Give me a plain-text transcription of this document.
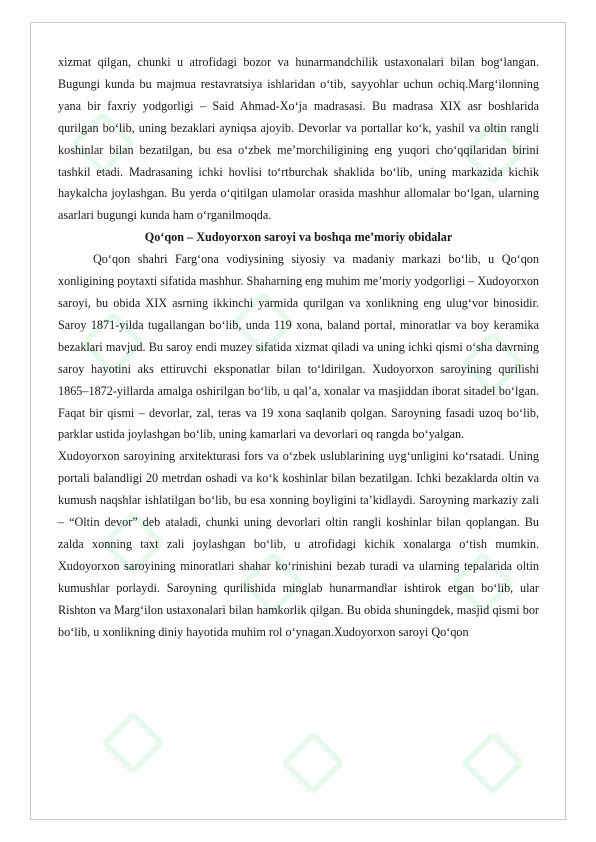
xizmat qilgan, chunki u atrofidagi bozor va hunarmandchilik ustaxonalari bilan bog‘langan. Bugungi kunda bu majmua restavratsiya ishlaridan o‘tib, sayyohlar uchun ochiq.Marg‘ilonning yana bir faxriy yodgorligi – Said Ahmad-Xo‘ja madrasasi. Bu madrasa XIX asr boshlarida qurilgan bo‘lib, uning bezaklari ayniqsa ajoyib. Devorlar va portallar ko‘k, yashil va oltin rangli koshinlar bilan bezatilgan, bu esa o‘zbek me’morchiligining eng yuqori cho‘qqilaridan birini tashkil etadi. Madrasaning ichki hovlisi to‘rtburchak shaklida bo‘lib, uning markazida kichik haykalcha joylashgan. Bu yerda o‘qitilgan ulamolar orasida mashhur allomalar bo‘lgan, ularning asarlari bugungi kunda ham o‘rganilmoqda.

Qo‘qon – Xudoyorxon saroyi va boshqa me’moriy obidalar

Qo‘qon shahri Farg‘ona vodiysining siyosiy va madaniy markazi bo‘lib, u Qo‘qon xonligining poytaxti sifatida mashhur. Shaharning eng muhim me’moriy yodgorligi – Xudoyorxon saroyi, bu obida XIX asrning ikkinchi yarmida qurilgan va xonlikning eng ulug‘vor binosidir. Saroy 1871-yilda tugallangan bo‘lib, unda 119 xona, baland portal, minoratlar va boy keramika bezaklari mavjud. Bu saroy endi muzey sifatida xizmat qiladi va uning ichki qismi o‘sha davrning saroy hayotini aks ettiruvchi eksponatlar bilan to‘ldirilgan. Xudoyorxon saroyining qurilishi 1865–1872-yillarda amalga oshirilgan bo‘lib, u qal’a, xonalar va masjiddan iborat sitadel bo‘lgan. Faqat bir qismi – devorlar, zal, teras va 19 xona saqlanib qolgan. Saroyning fasadi uzoq bo‘lib, parklar ustida joylashgan bo‘lib, uning kamarlari va devorlari oq rangda bo‘yalgan.

Xudoyorxon saroyining arxitekturasi fors va o‘zbek uslublarining uyg‘unligini ko‘rsatadi. Uning portali balandligi 20 metrdan oshadi va ko‘k koshinlar bilan bezatilgan. Ichki bezaklarda oltin va kumush naqshlar ishlatilgan bo‘lib, bu esa xonning boyligini ta’kidlaydi. Saroyning markaziy zali – “Oltin devor” deb ataladi, chunki uning devorlari oltin rangli koshinlar bilan qoplangan. Bu zalda xonning taxt zali joylashgan bo‘lib, u atrofidagi kichik xonalarga o‘tish mumkin. Xudoyorxon saroyining minoratlari shahar ko‘rinishini bezab turadi va ularning tepalarida oltin kumushlar porlaydi. Saroyning qurilishida minglab hunarmandlar ishtirok etgan bo‘lib, ular Rishton va Marg‘ilon ustaxonalari bilan hamkorlik qilgan. Bu obida shuningdek, masjid qismi bor bo‘lib, u xonlikning diniy hayotida muhim rol o‘ynagan.Xudoyorxon saroyi Qo‘qon
